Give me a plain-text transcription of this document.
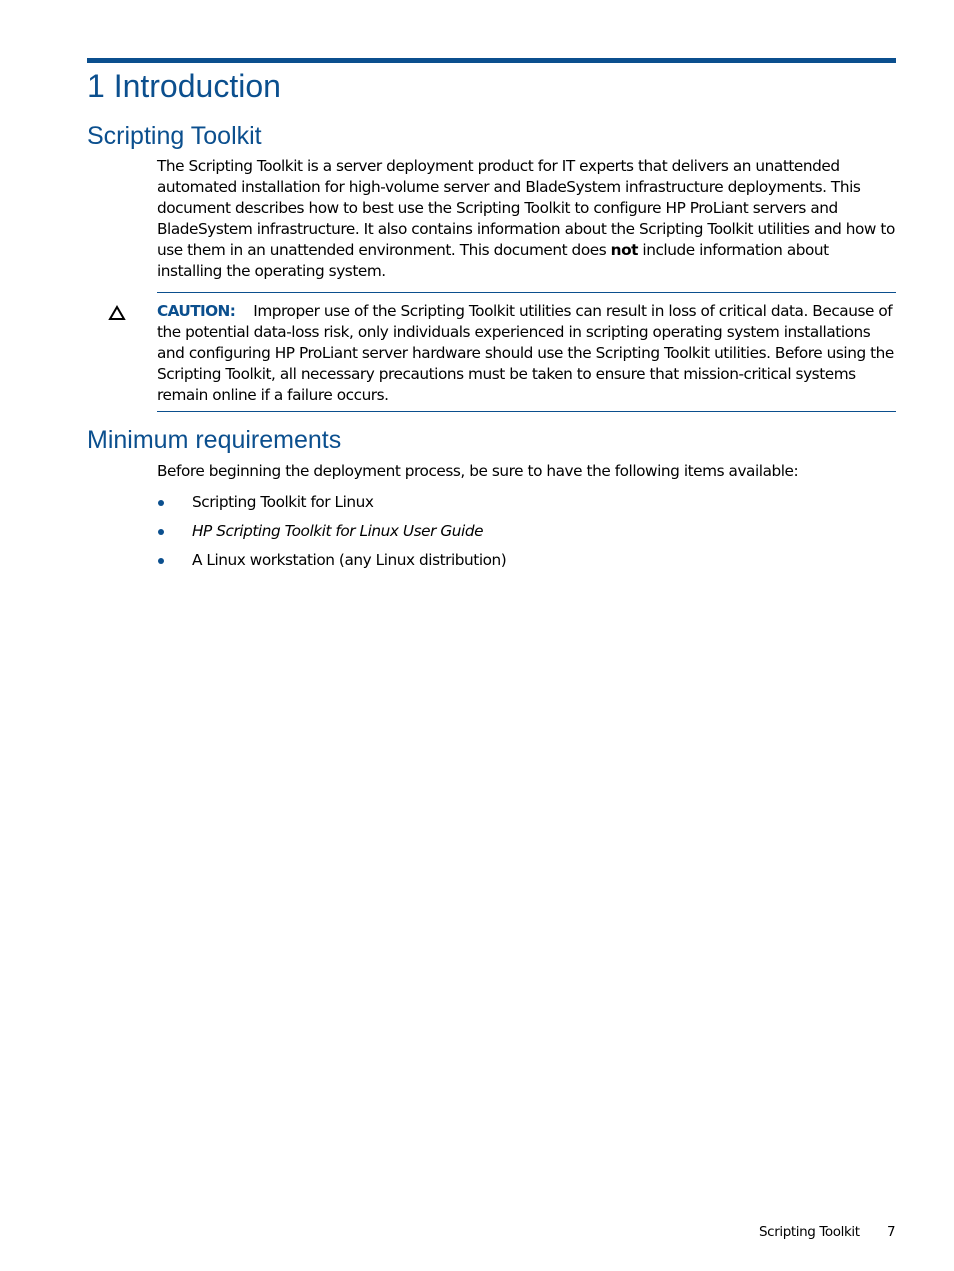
1 Introduction
Scripting Toolkit

The Scripting Toolkit is a server deployment product for IT experts that delivers an unattended automated installation for high-volume server and BladeSystem infrastructure deployments. This document describes how to best use the Scripting Toolkit to configure HP ProLiant servers and BladeSystem infrastructure. It also contains information about the Scripting Toolkit utilities and how to use them in an unattended environment. This document does not include information about installing the operating system.

CAUTION: Improper use of the Scripting Toolkit utilities can result in loss of critical data. Because of the potential data-loss risk, only individuals experienced in scripting operating system installations and configuring HP ProLiant server hardware should use the Scripting Toolkit utilities. Before using the Scripting Toolkit, all necessary precautions must be taken to ensure that mission-critical systems remain online if a failure occurs.

Minimum requirements

Before beginning the deployment process, be sure to have the following items available:

Scripting Toolkit for Linux
HP Scripting Toolkit for Linux User Guide
A Linux workstation (any Linux distribution)
Scripting Toolkit 7
